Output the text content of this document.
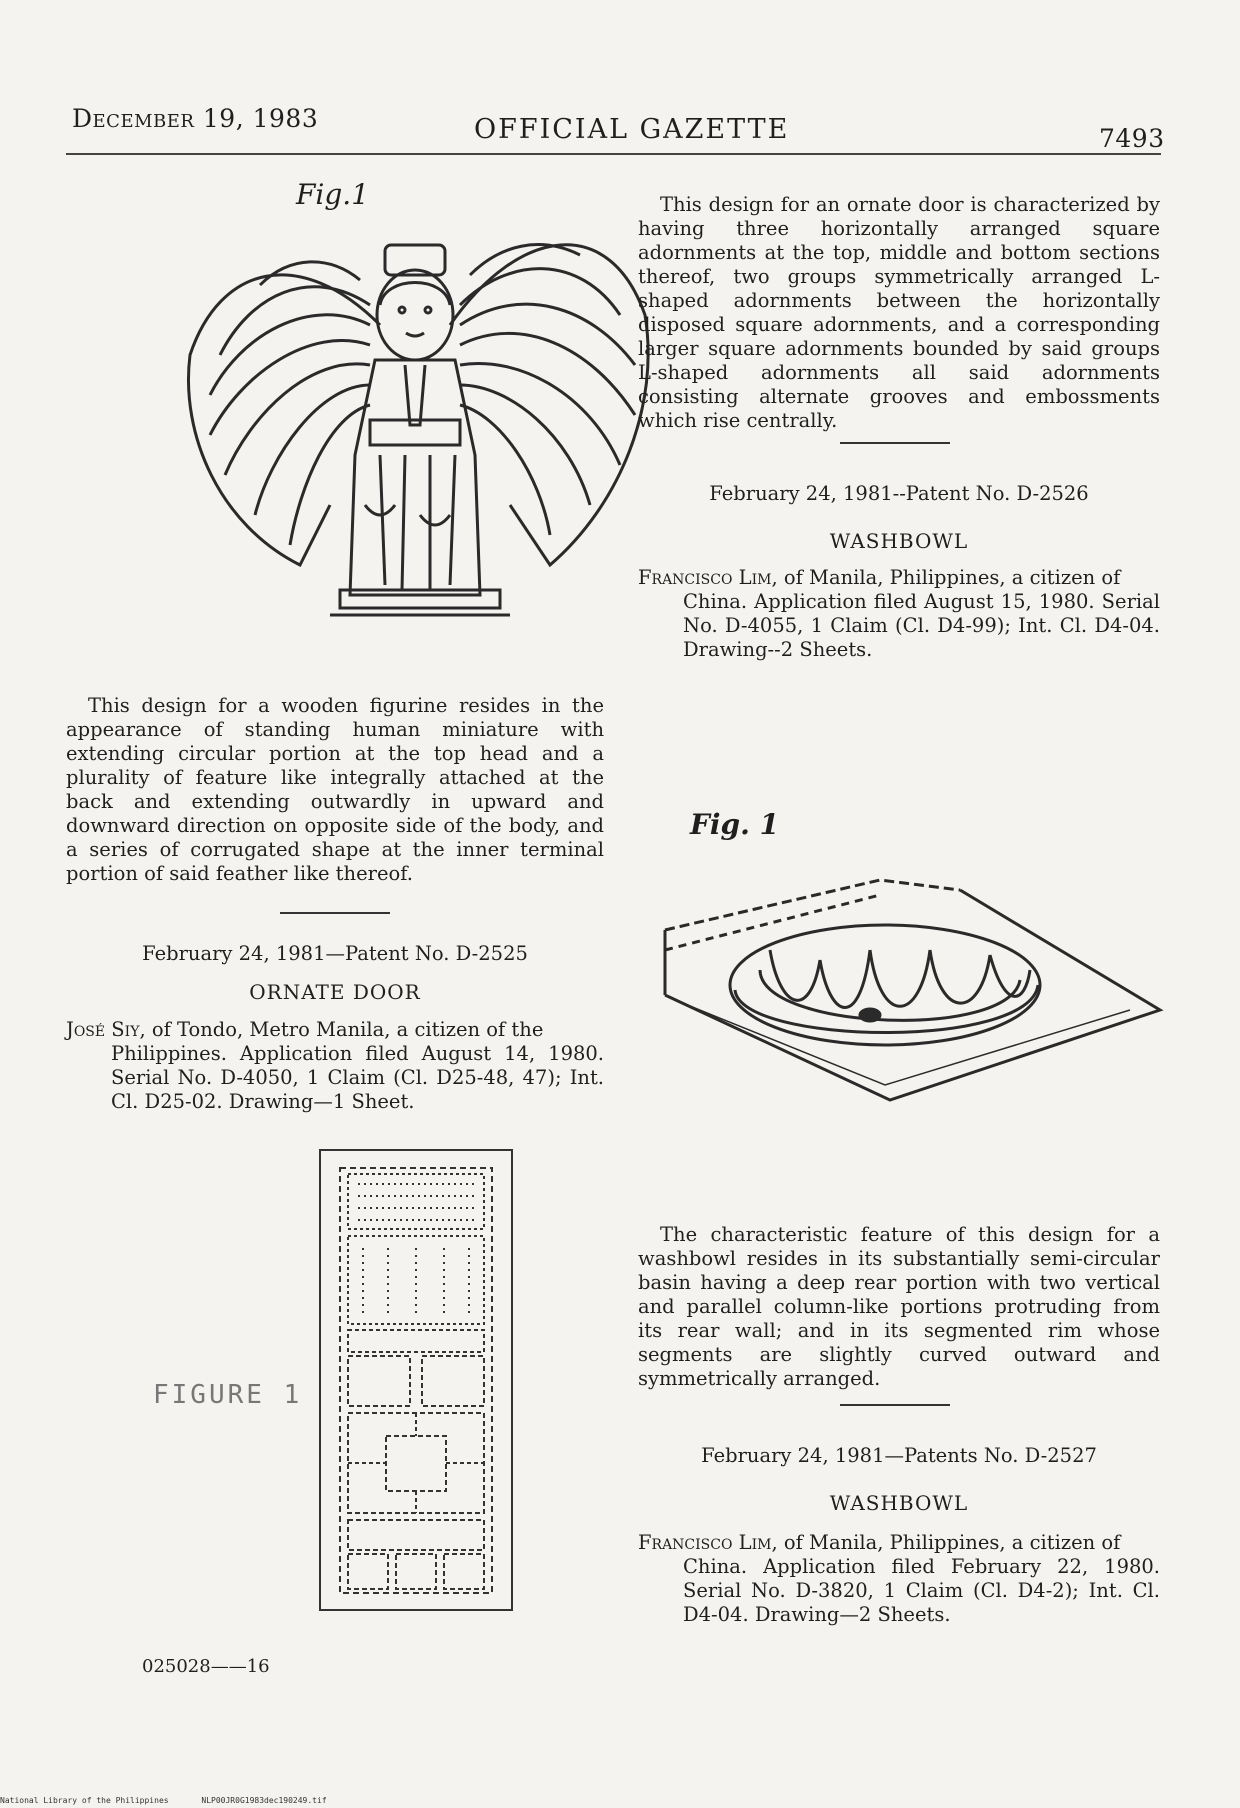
December 19, 1983	OFFICIAL GAZETTE	7493
Fig.1
This design for a wooden figurine resides in the appearance of standing human miniature with extending circular portion at the top head and a plurality of feature like integrally attached at the back and extending outwardly in upward and downward direction on opposite side of the body, and a series of corrugated shape at the inner terminal portion of said feather like thereof.
February 24, 1981—Patent No. D-2525
ORNATE DOOR
José Siy, of Tondo, Metro Manila, a citizen of the
Philippines. Application filed August 14, 1980. Serial No. D-4050, 1 Claim (Cl. D25-48, 47); Int. Cl. D25-02. Drawing—1 Sheet.
FIGURE 1
This design for an ornate door is characterized by having three horizontally arranged square adornments at the top, middle and bottom sections thereof, two groups symmetrically arranged L-shaped adornments between the horizontally disposed square adornments, and a corresponding larger square adornments bounded by said groups L-shaped adornments all said adornments consisting alternate grooves and embossments which rise centrally.
February 24, 1981--Patent No. D-2526
WASHBOWL
Francisco Lim, of Manila, Philippines, a citizen of
China. Application filed August 15, 1980. Serial No. D-4055, 1 Claim (Cl. D4-99); Int. Cl. D4-04. Drawing--2 Sheets.
Fig. 1
The characteristic feature of this design for a washbowl resides in its substantially semi-circular basin having a deep rear portion with two vertical and parallel column-like portions protruding from its rear wall; and in its segmented rim whose segments are slightly curved outward and symmetrically arranged.
February 24, 1981—Patents No. D-2527
WASHBOWL
Francisco Lim, of Manila, Philippines, a citizen of
China. Application filed February 22, 1980. Serial No. D-3820, 1 Claim (Cl. D4-2); Int. Cl. D4-04. Drawing—2 Sheets.
025028——16
National Library of the Philippines	NLP00JR0G1983dec190249.tif
